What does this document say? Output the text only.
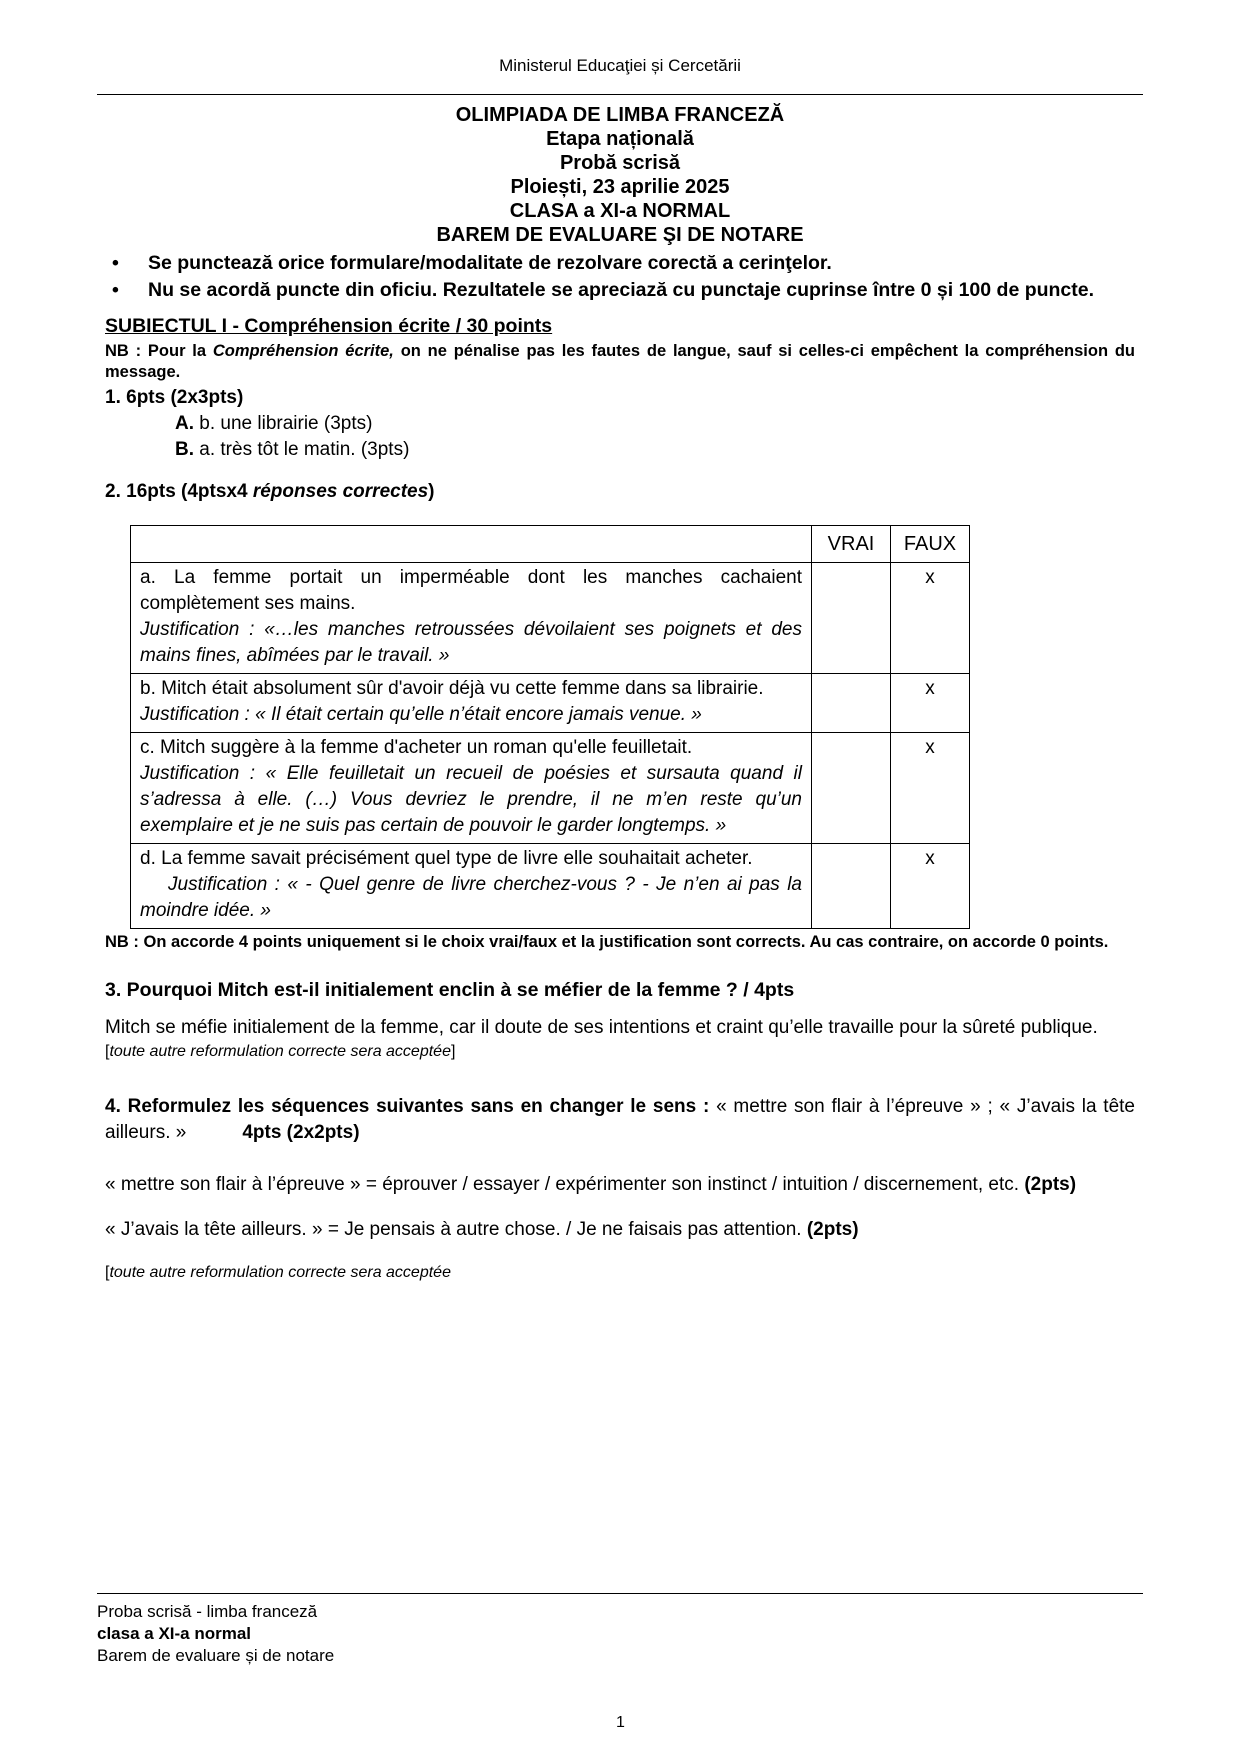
Ministerul Educaţiei și Cercetării
OLIMPIADA DE LIMBA FRANCEZĂ
Etapa națională
Probă scrisă
Ploiești, 23 aprilie 2025
CLASA a XI-a NORMAL
BAREM DE EVALUARE ŞI DE NOTARE
• Se punctează orice formulare/modalitate de rezolvare corectă a cerinţelor.
• Nu se acordă puncte din oficiu. Rezultatele se apreciază cu punctaje cuprinse între 0 și 100 de puncte.
SUBIECTUL I - Compréhension écrite / 30 points

NB : Pour la Compréhension écrite, on ne pénalise pas les fautes de langue, sauf si celles-ci empêchent la compréhension du message.

1. 6pts (2x3pts)
A. b. une librairie (3pts)
B. a. très tôt le matin. (3pts)
2. 16pts (4ptsx4 réponses correctes)
	VRAI	FAUX

a. La femme portait un imperméable dont les manches cachaient complètement ses mains.
Justification : «…les manches retroussées dévoilaient ses poignets et des mains fines, abîmées par le travail. »		x

b. Mitch était absolument sûr d'avoir déjà vu cette femme dans sa librairie.
Justification : « Il était certain qu’elle n’était encore jamais venue. »		x

c. Mitch suggère à la femme d'acheter un roman qu'elle feuilletait.
Justification : « Elle feuilletait un recueil de poésies et sursauta quand il s’adressa à elle. (…) Vous devriez le prendre, il ne m’en reste qu’un exemplaire et je ne suis pas certain de pouvoir le garder longtemps. »		x

d. La femme savait précisément quel type de livre elle souhaitait acheter.
Justification : « - Quel genre de livre cherchez-vous ? - Je n’en ai pas la moindre idée. »		x

NB : On accorde 4 points uniquement si le choix vrai/faux et la justification sont corrects. Au cas contraire, on accorde 0 points.

3. Pourquoi Mitch est-il initialement enclin à se méfier de la femme ? / 4pts

Mitch se méfie initialement de la femme, car il doute de ses intentions et craint qu’elle travaille pour la sûreté publique.

[toute autre reformulation correcte sera acceptée]

4. Reformulez les séquences suivantes sans en changer le sens : « mettre son flair à l’épreuve » ; « J’avais la tête ailleurs. »	4pts (2x2pts)

« mettre son flair à l’épreuve » = éprouver / essayer / expérimenter son instinct / intuition / discernement, etc. (2pts)

« J’avais la tête ailleurs. » = Je pensais à autre chose. / Je ne faisais pas attention. (2pts)

[toute autre reformulation correcte sera acceptée

Proba scrisă - limba franceză
clasa a XI-a normal
Barem de evaluare și de notare
1
